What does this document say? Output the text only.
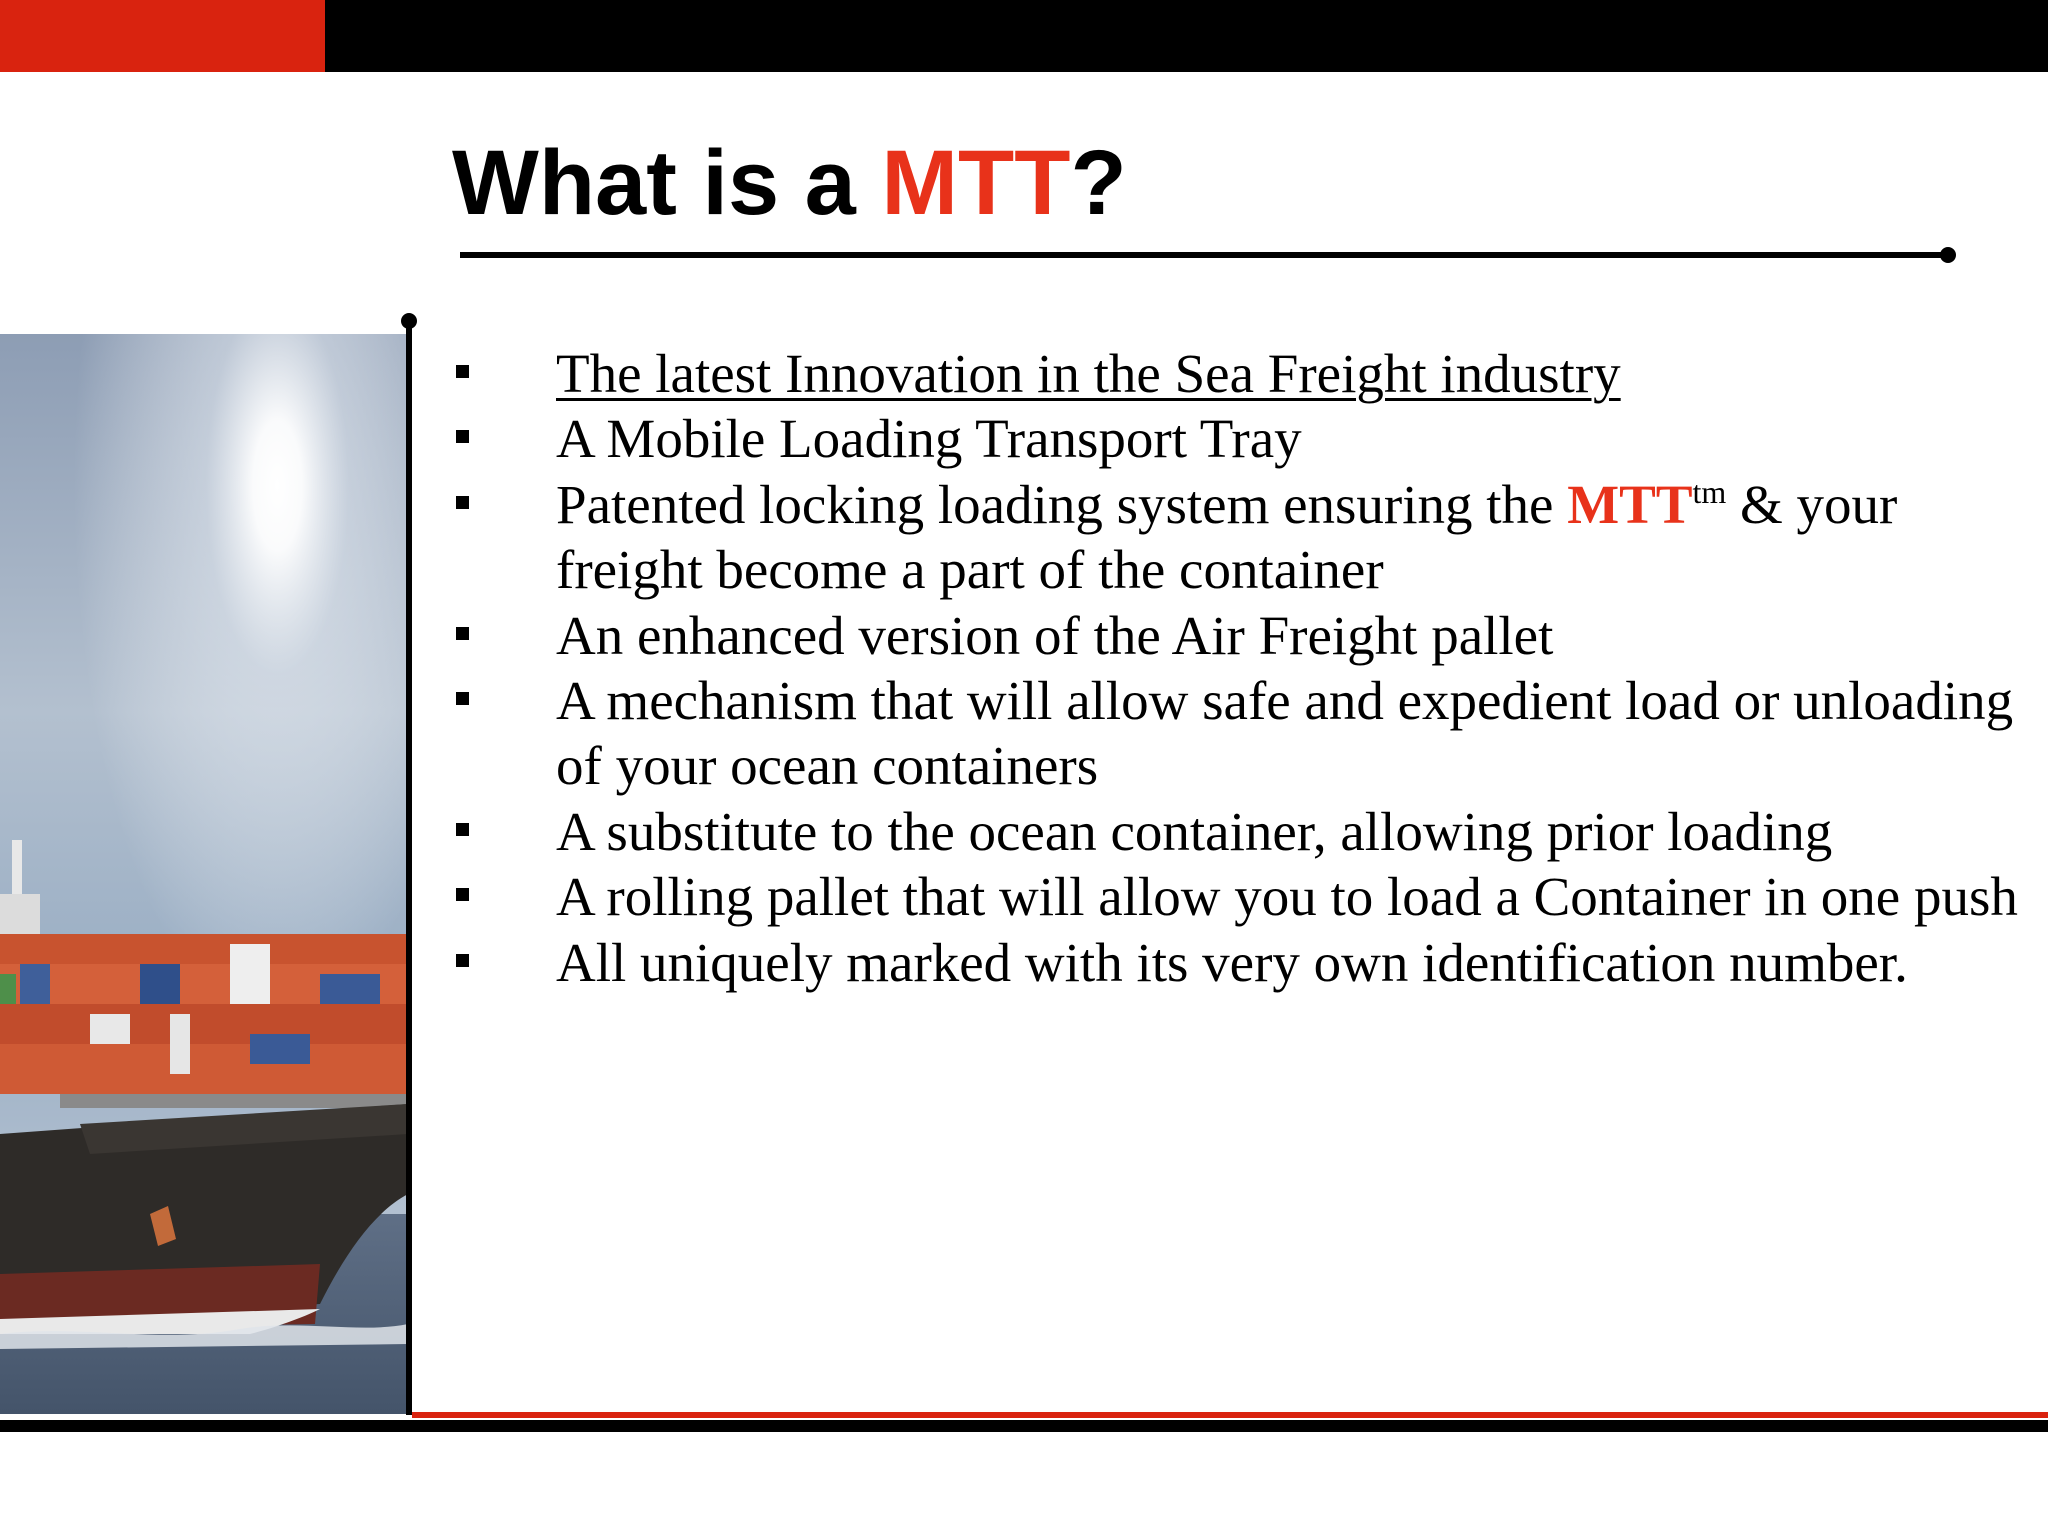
What is a MTT?
The latest Innovation in the Sea Freight industry
A Mobile Loading Transport Tray
Patented locking loading system ensuring the $MTT^{tm}$ & your freight become a part of the container
An enhanced version of the Air Freight pallet
A mechanism that will allow safe and expedient load or unloading of your ocean containers
A substitute to the ocean container, allowing prior loading
A rolling pallet that will allow you to load a Container in one push
All uniquely marked with its very own identification number.
